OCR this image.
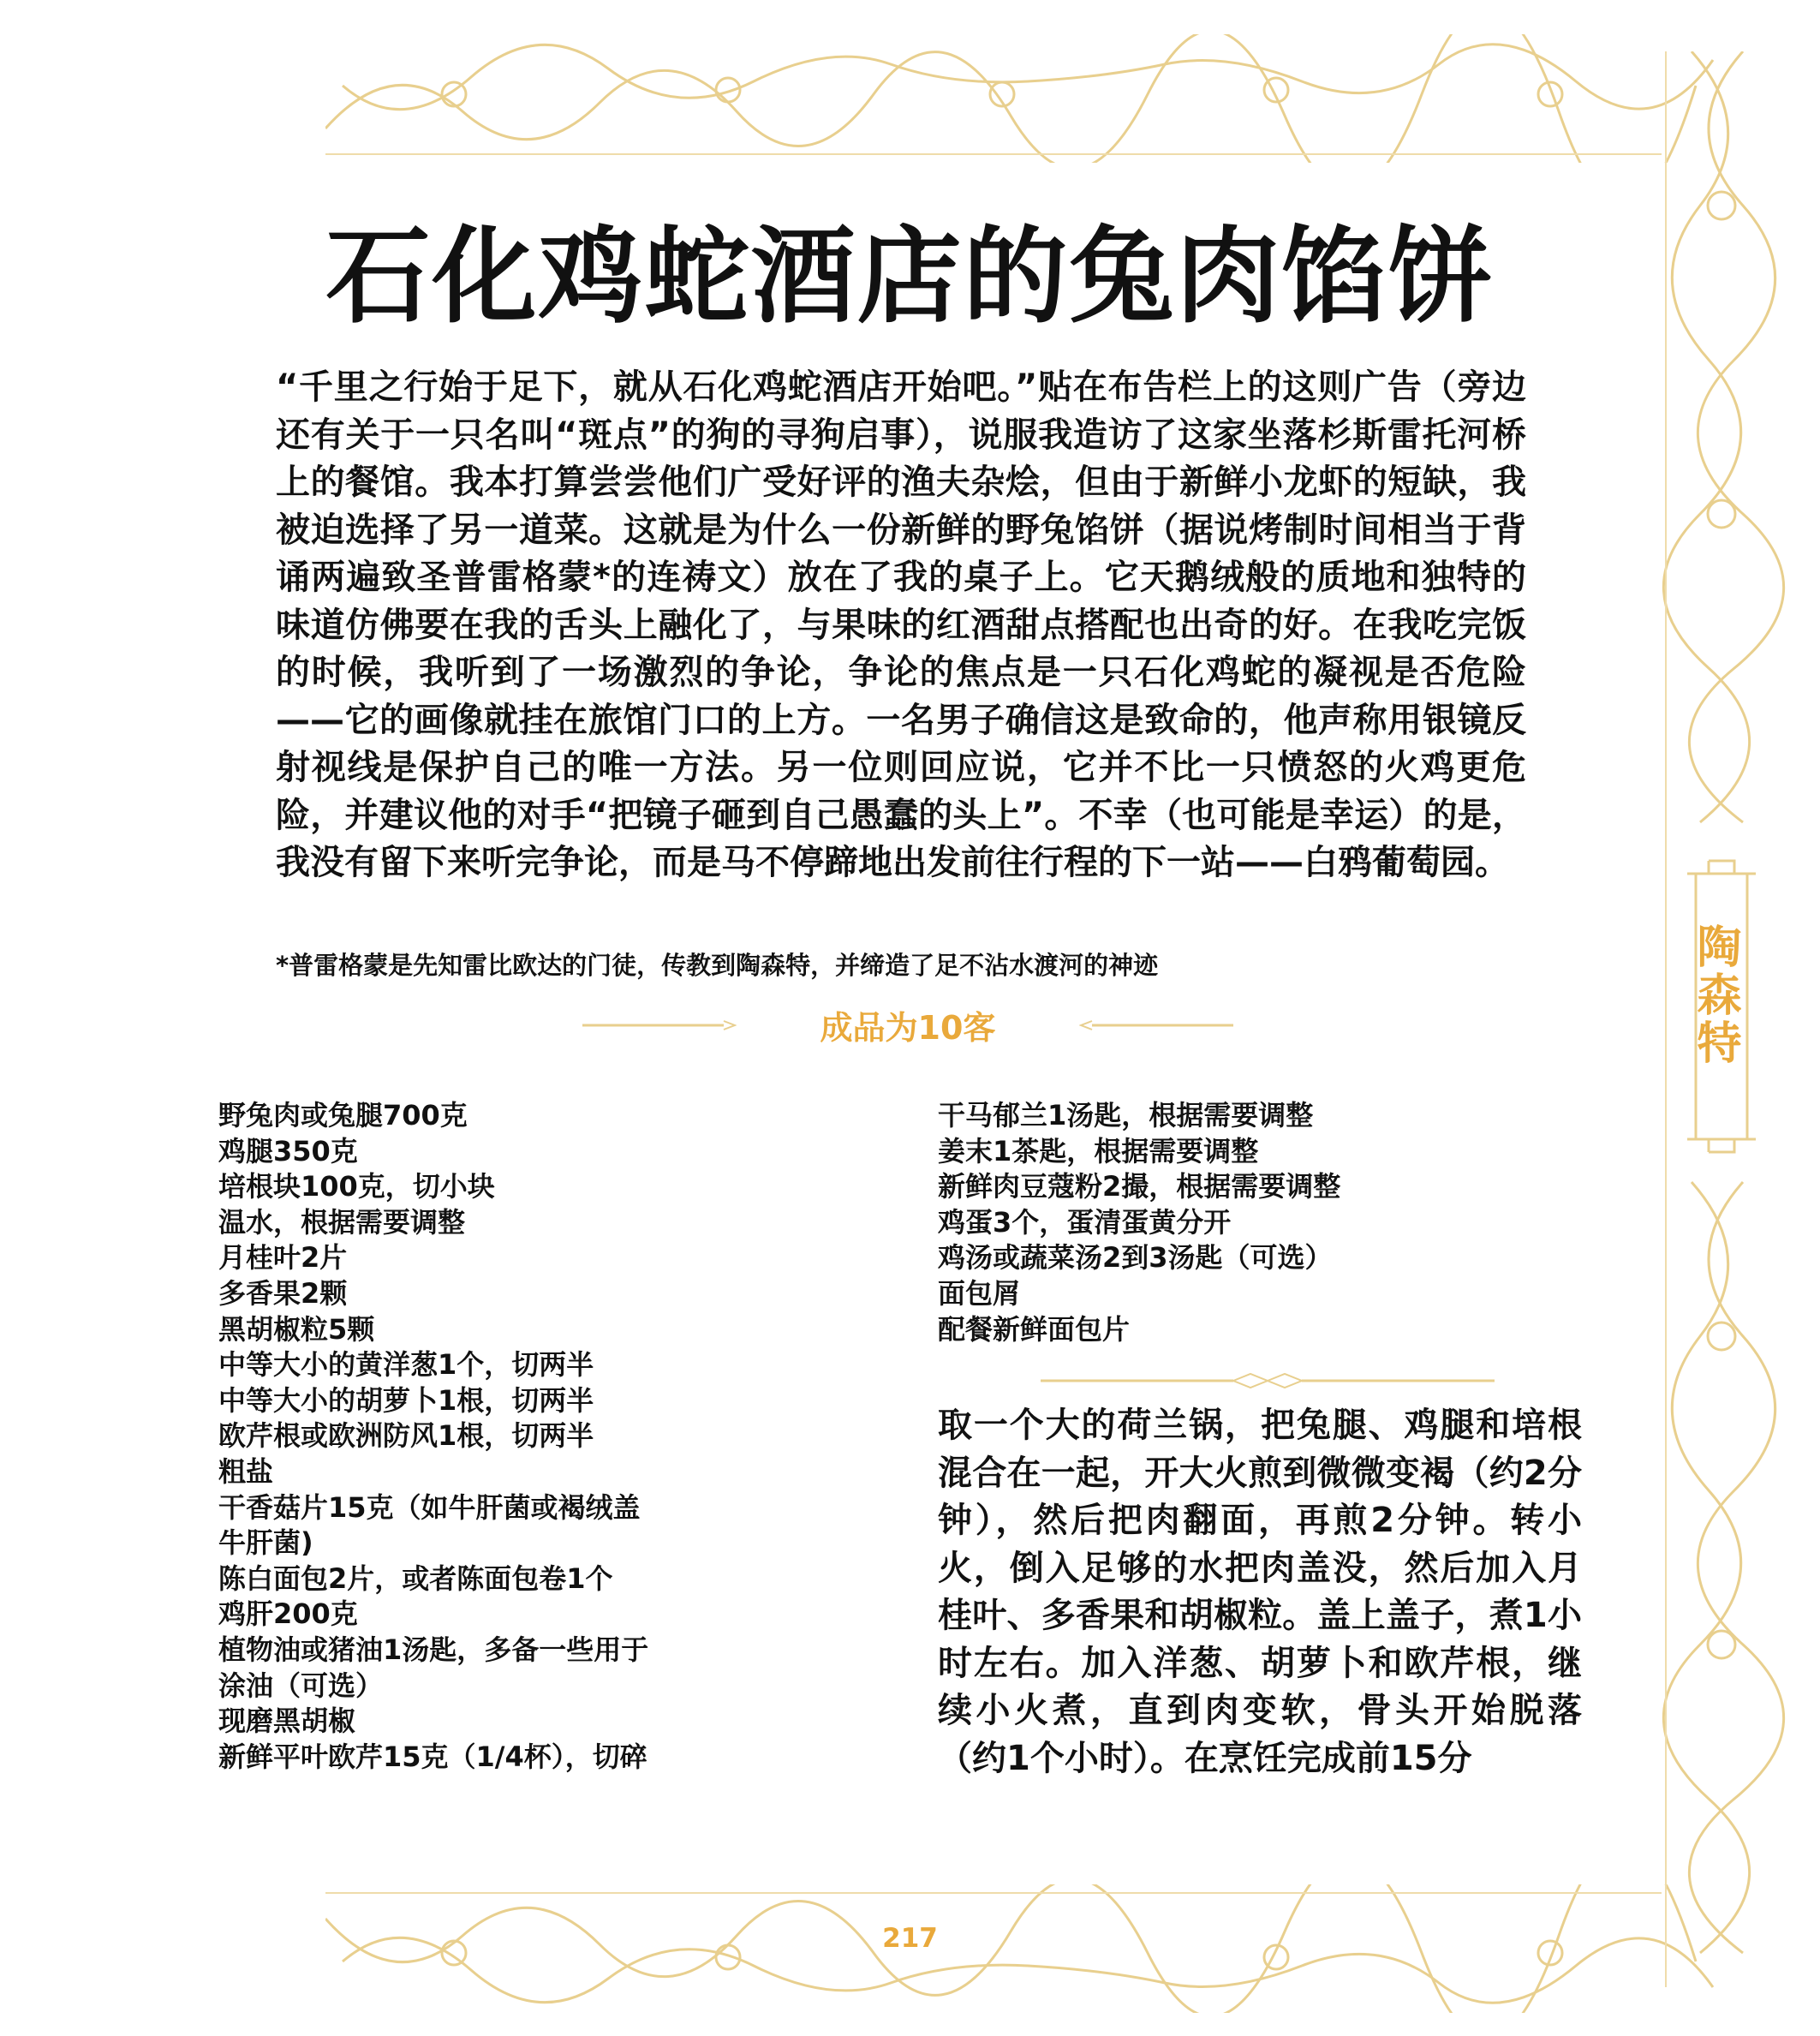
陶森特
石化鸡蛇酒店的兔肉馅饼

“千里之行始于足下，就从石化鸡蛇酒店开始吧。”贴在布告栏上的这则广告（旁边还有关于一只名叫“斑点”的狗的寻狗启事），说服我造访了这家坐落杉斯雷托河桥上的餐馆。我本打算尝尝他们广受好评的渔夫杂烩，但由于新鲜小龙虾的短缺，我被迫选择了另一道菜。这就是为什么一份新鲜的野兔馅饼（据说烤制时间相当于背诵两遍致圣普雷格蒙*的连祷文）放在了我的桌子上。它天鹅绒般的质地和独特的味道仿佛要在我的舌头上融化了，与果味的红酒甜点搭配也出奇的好。在我吃完饭的时候，我听到了一场激烈的争论，争论的焦点是一只石化鸡蛇的凝视是否危险——它的画像就挂在旅馆门口的上方。一名男子确信这是致命的，他声称用银镜反射视线是保护自己的唯一方法。另一位则回应说，它并不比一只愤怒的火鸡更危险，并建议他的对手“把镜子砸到自己愚蠢的头上”。不幸（也可能是幸运）的是，我没有留下来听完争论，而是马不停蹄地出发前往行程的下一站——白鸦葡萄园。

*普雷格蒙是先知雷比欧达的门徒，传教到陶森特，并缔造了足不沾水渡河的神迹

成品为10客
野兔肉或兔腿700克
鸡腿350克
培根块100克，切小块
温水，根据需要调整
月桂叶2片
多香果2颗
黑胡椒粒5颗
中等大小的黄洋葱1个，切两半
中等大小的胡萝卜1根，切两半
欧芹根或欧洲防风1根，切两半
粗盐
干香菇片15克（如牛肝菌或褐绒盖
牛肝菌)
陈白面包2片，或者陈面包卷1个
鸡肝200克
植物油或猪油1汤匙，多备一些用于
涂油（可选）
现磨黑胡椒
新鲜平叶欧芹15克（1/4杯），切碎
干马郁兰1汤匙，根据需要调整
姜末1茶匙，根据需要调整
新鲜肉豆蔻粉2撮，根据需要调整
鸡蛋3个，蛋清蛋黄分开
鸡汤或蔬菜汤2到3汤匙（可选）
面包屑
配餐新鲜面包片

取一个大的荷兰锅，把兔腿、鸡腿和培根混合在一起，开大火煎到微微变褐（约2分钟），然后把肉翻面，再煎2分钟。转小火，倒入足够的水把肉盖没，然后加入月桂叶、多香果和胡椒粒。盖上盖子，煮1小时左右。加入洋葱、胡萝卜和欧芹根，继续小火煮，直到肉变软，骨头开始脱落（约1个小时）。在烹饪完成前15分

217
